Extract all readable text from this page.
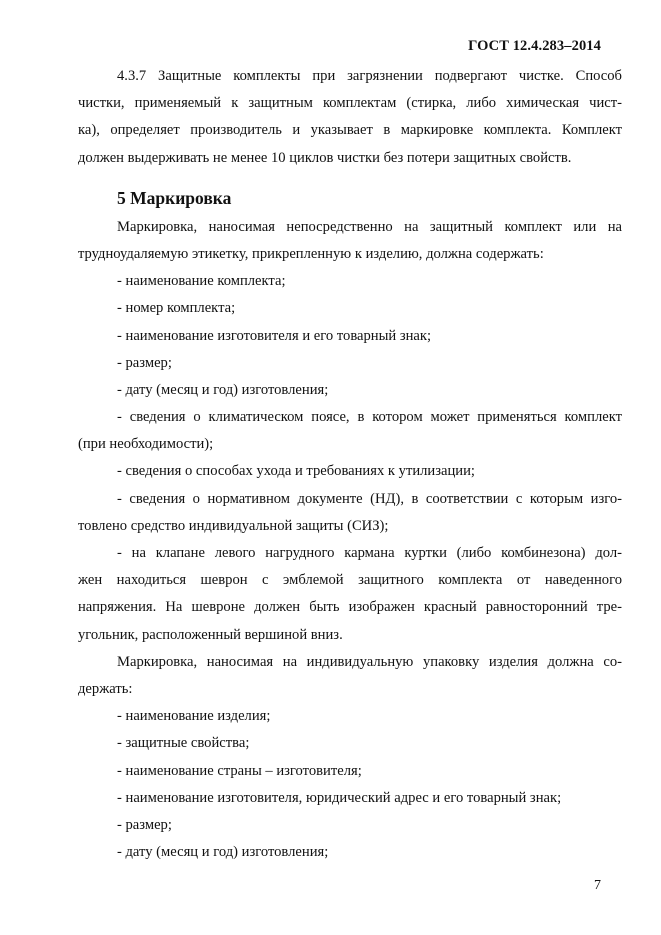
ГОСТ 12.4.283–2014
4.3.7 Защитные комплекты при загрязнении подвергают чистке. Способ
чистки, применяемый к защитным комплектам (стирка, либо химическая чист-
ка), определяет производитель и указывает в маркировке комплекта. Комплект
должен выдерживать не менее 10 циклов чистки без потери защитных свойств.
5 Маркировка
Маркировка, наносимая непосредственно на защитный комплект или на
трудноудаляемую этикетку, прикрепленную к изделию, должна содержать:
- наименование комплекта;
- номер комплекта;
- наименование изготовителя и его товарный знак;
- размер;
- дату (месяц и год) изготовления;
- сведения о климатическом поясе, в котором может применяться комплект
(при необходимости);
- сведения о способах ухода и требованиях к утилизации;
- сведения о нормативном документе (НД), в соответствии с которым изго-
товлено средство индивидуальной защиты (СИЗ);
- на клапане левого нагрудного кармана куртки (либо комбинезона) дол-
жен находиться шеврон с эмблемой защитного комплекта от наведенного
напряжения. На шевроне должен быть изображен красный равносторонний тре-
угольник, расположенный вершиной вниз.
Маркировка, наносимая на индивидуальную упаковку изделия должна со-
держать:
- наименование изделия;
- защитные свойства;
- наименование страны – изготовителя;
- наименование изготовителя, юридический адрес и его товарный знак;
- размер;
- дату (месяц и год) изготовления;
7
